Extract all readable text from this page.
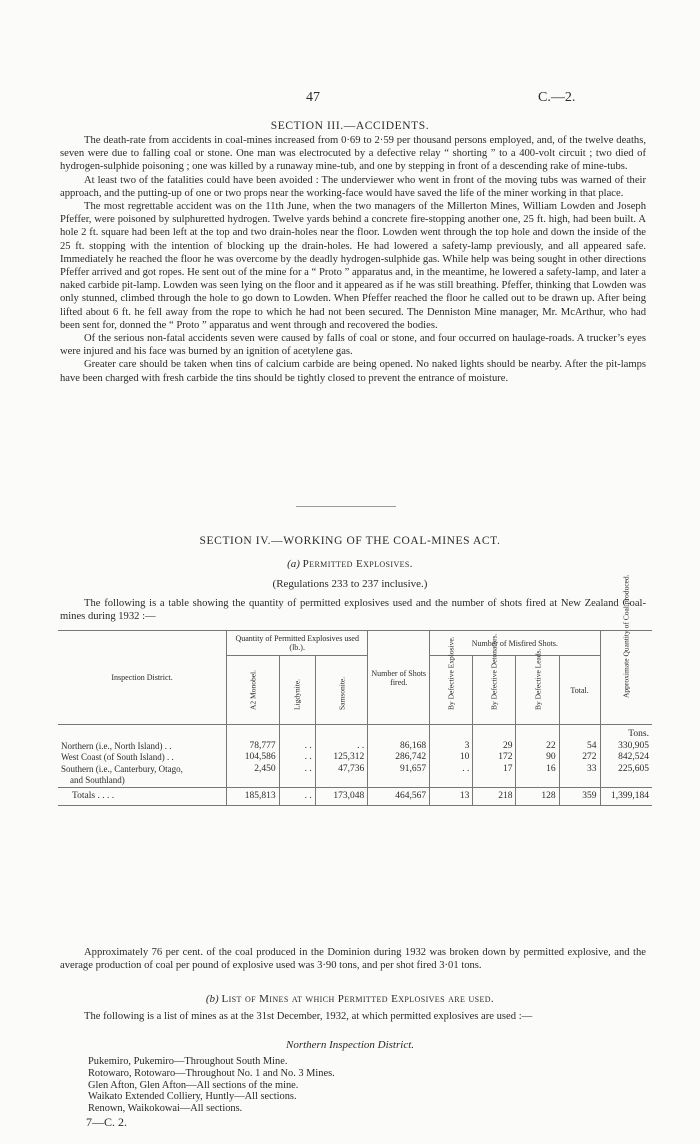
47	C.—2.
SECTION III.—ACCIDENTS.

The death-rate from accidents in coal-mines increased from 0·69 to 2·59 per thousand persons employed, and, of the twelve deaths, seven were due to falling coal or stone. One man was electrocuted by a defective relay “ shorting ” to a 400-volt circuit ; two died of hydrogen-sulphide poisoning ; one was killed by a runaway mine-tub, and one by stepping in front of a descending rake of mine-tubs.

At least two of the fatalities could have been avoided : The underviewer who went in front of the moving tubs was warned of their approach, and the putting-up of one or two props near the working-face would have saved the life of the miner working in that place.

The most regrettable accident was on the 11th June, when the two managers of the Millerton Mines, William Lowden and Joseph Pfeffer, were poisoned by sulphuretted hydrogen. Twelve yards behind a concrete fire-stopping another one, 25 ft. high, had been built. A hole 2 ft. square had been left at the top and two drain-holes near the floor. Lowden went through the top hole and down the inside of the 25 ft. stopping with the intention of blocking up the drain-holes. He had lowered a safety-lamp previously, and all appeared safe. Immediately he reached the floor he was overcome by the deadly hydrogen-sulphide gas. While help was being sought in other directions Pfeffer arrived and got ropes. He sent out of the mine for a “ Proto ” apparatus and, in the meantime, he lowered a safety-lamp, and later a naked carbide pit-lamp. Lowden was seen lying on the floor and it appeared as if he was still breathing. Pfeffer, thinking that Lowden was only stunned, climbed through the hole to go down to Lowden. When Pfeffer reached the floor he called out to be drawn up. After being lifted about 6 ft. he fell away from the rope to which he had not been secured. The Denniston Mine manager, Mr. McArthur, who had been sent for, donned the “ Proto ” apparatus and went through and recovered the bodies.

Of the serious non-fatal accidents seven were caused by falls of coal or stone, and four occurred on haulage-roads. A trucker’s eyes were injured and his face was burned by an ignition of acetylene gas.

Greater care should be taken when tins of calcium carbide are being opened. No naked lights should be nearby. After the pit-lamps have been charged with fresh carbide the tins should be tightly closed to prevent the entrance of moisture.

SECTION IV.—WORKING OF THE COAL-MINES ACT.
(a) Permitted Explosives.
(Regulations 233 to 237 inclusive.)

The following is a table showing the quantity of permitted explosives used and the number of shots fired at New Zealand Coal-mines during 1932 :—

Inspection District.	Quantity of Permitted Explosives used (lb.).			Number of Shots fired.	Number of Misfired Shots.				Approximate Quantity of Coal produced.

	A2 Monobel.	Ligdynite.	Samsonite.		By Defective Explosive.	By Defective Detonators.	By Defective Leads.	Total.	
									Tons.
Northern (i.e., North Island) . .	78,777	. .	. .	86,168	3	29	22	54	330,905
West Coast (of South Island) . .	104,586	. .	125,312	286,742	10	172	90	272	842,524
Southern (i.e., Canterbury, Otago,	2,450	. .	47,736	91,657	. .	17	16	33	225,605
and Southland)									
Totals . . . .	185,813	. .	173,048	464,567	13	218	128	359	1,399,184

Approximately 76 per cent. of the coal produced in the Dominion during 1932 was broken down by permitted explosive, and the average production of coal per pound of explosive used was 3·90 tons, and per shot fired 3·01 tons.

(b) List of Mines at which Permitted Explosives are used.

The following is a list of mines as at the 31st December, 1932, at which permitted explosives are used :—

Northern Inspection District.
Pukemiro, Pukemiro—Throughout South Mine.
Rotowaro, Rotowaro—Throughout No. 1 and No. 3 Mines.
Glen Afton, Glen Afton—All sections of the mine.
Waikato Extended Colliery, Huntly—All sections.
Renown, Waikokowai—All sections.
7—C. 2.
